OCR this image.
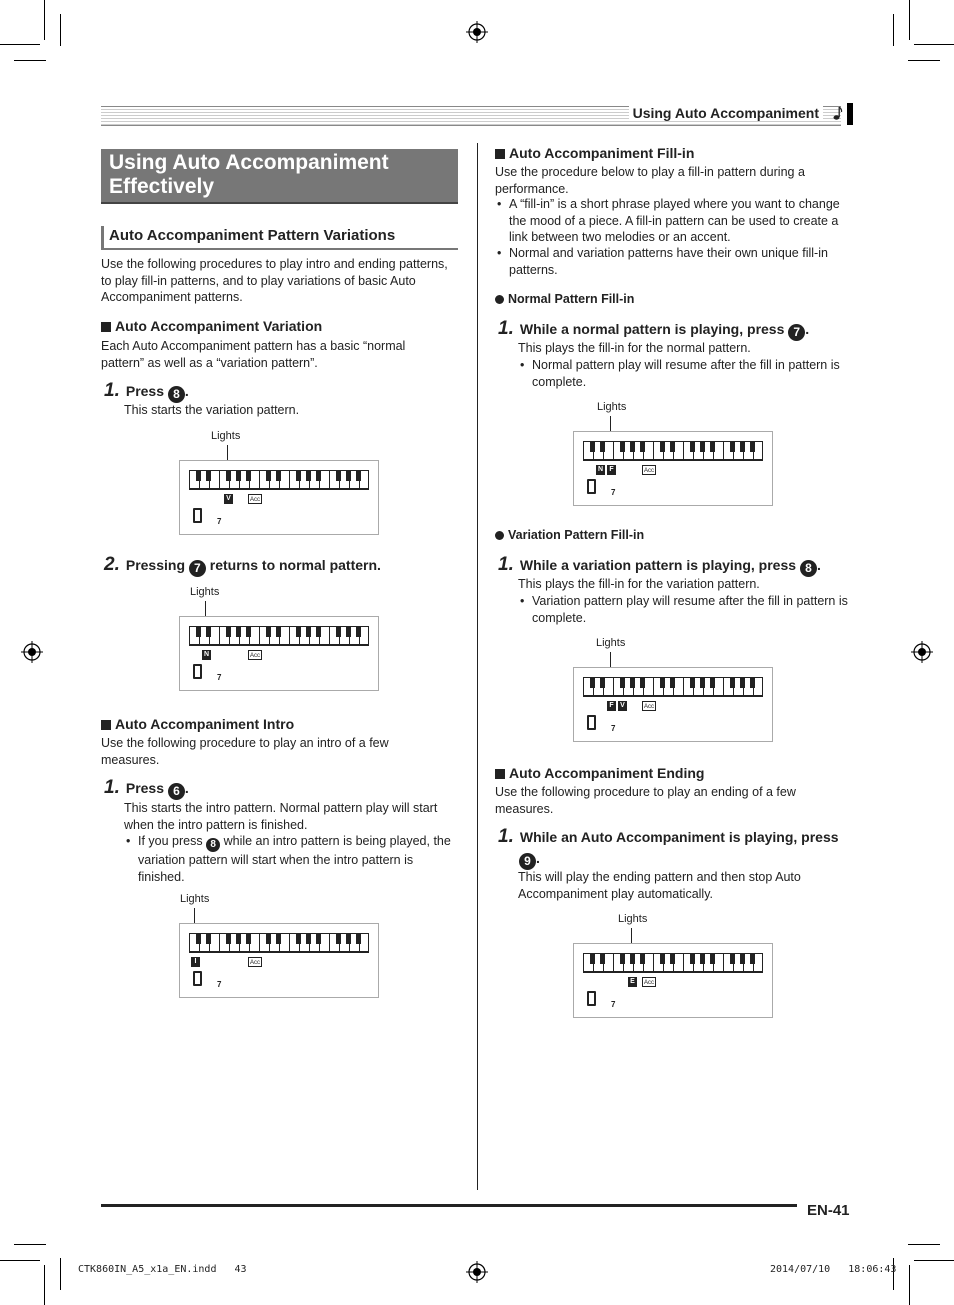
Using Auto Accompaniment
Using Auto Accompaniment Effectively
Auto Accompaniment Pattern Variations
Use the following procedures to play intro and ending patterns, to play fill-in patterns, and to play variations of basic Auto Accompaniment patterns.
Auto Accompaniment Variation
Each Auto Accompaniment pattern has a basic “normal pattern” as well as a “variation pattern”.
1. Press 8 .
This starts the variation pattern.
Lights
V	Acc
7
2. Pressing 7 returns to normal pattern.
Lights
N	Acc
7
Auto Accompaniment Intro
Use the following procedure to play an intro of a few measures.
1. Press 6 .
This starts the intro pattern. Normal pattern play will start when the intro pattern is finished.
• If you press 8 while an intro pattern is being played, the variation pattern will start when the intro pattern is finished.
Lights
I	Acc
7
Auto Accompaniment Fill-in
Use the procedure below to play a fill-in pattern during a performance.
• A “fill-in” is a short phrase played where you want to change the mood of a piece. A fill-in pattern can be used to create a link between two melodies or an accent.
• Normal and variation patterns have their own unique fill-in patterns.
Normal Pattern Fill-in
1. While a normal pattern is playing, press 7 .
This plays the fill-in for the normal pattern.
• Normal pattern play will resume after the fill in pattern is complete.
Lights
N F	Acc
7
Variation Pattern Fill-in
1. While a variation pattern is playing, press 8 .
This plays the fill-in for the variation pattern.
• Variation pattern play will resume after the fill in pattern is complete.
Lights
F V	Acc
7
Auto Accompaniment Ending
Use the following procedure to play an ending of a few measures.
1. While an Auto Accompaniment is playing, press
9 .
This will play the ending pattern and then stop Auto Accompaniment play automatically.
Lights
E	Acc
7
EN-41
CTK860IN_A5_x1a_EN.indd   43	2014/07/10   18:06:43
